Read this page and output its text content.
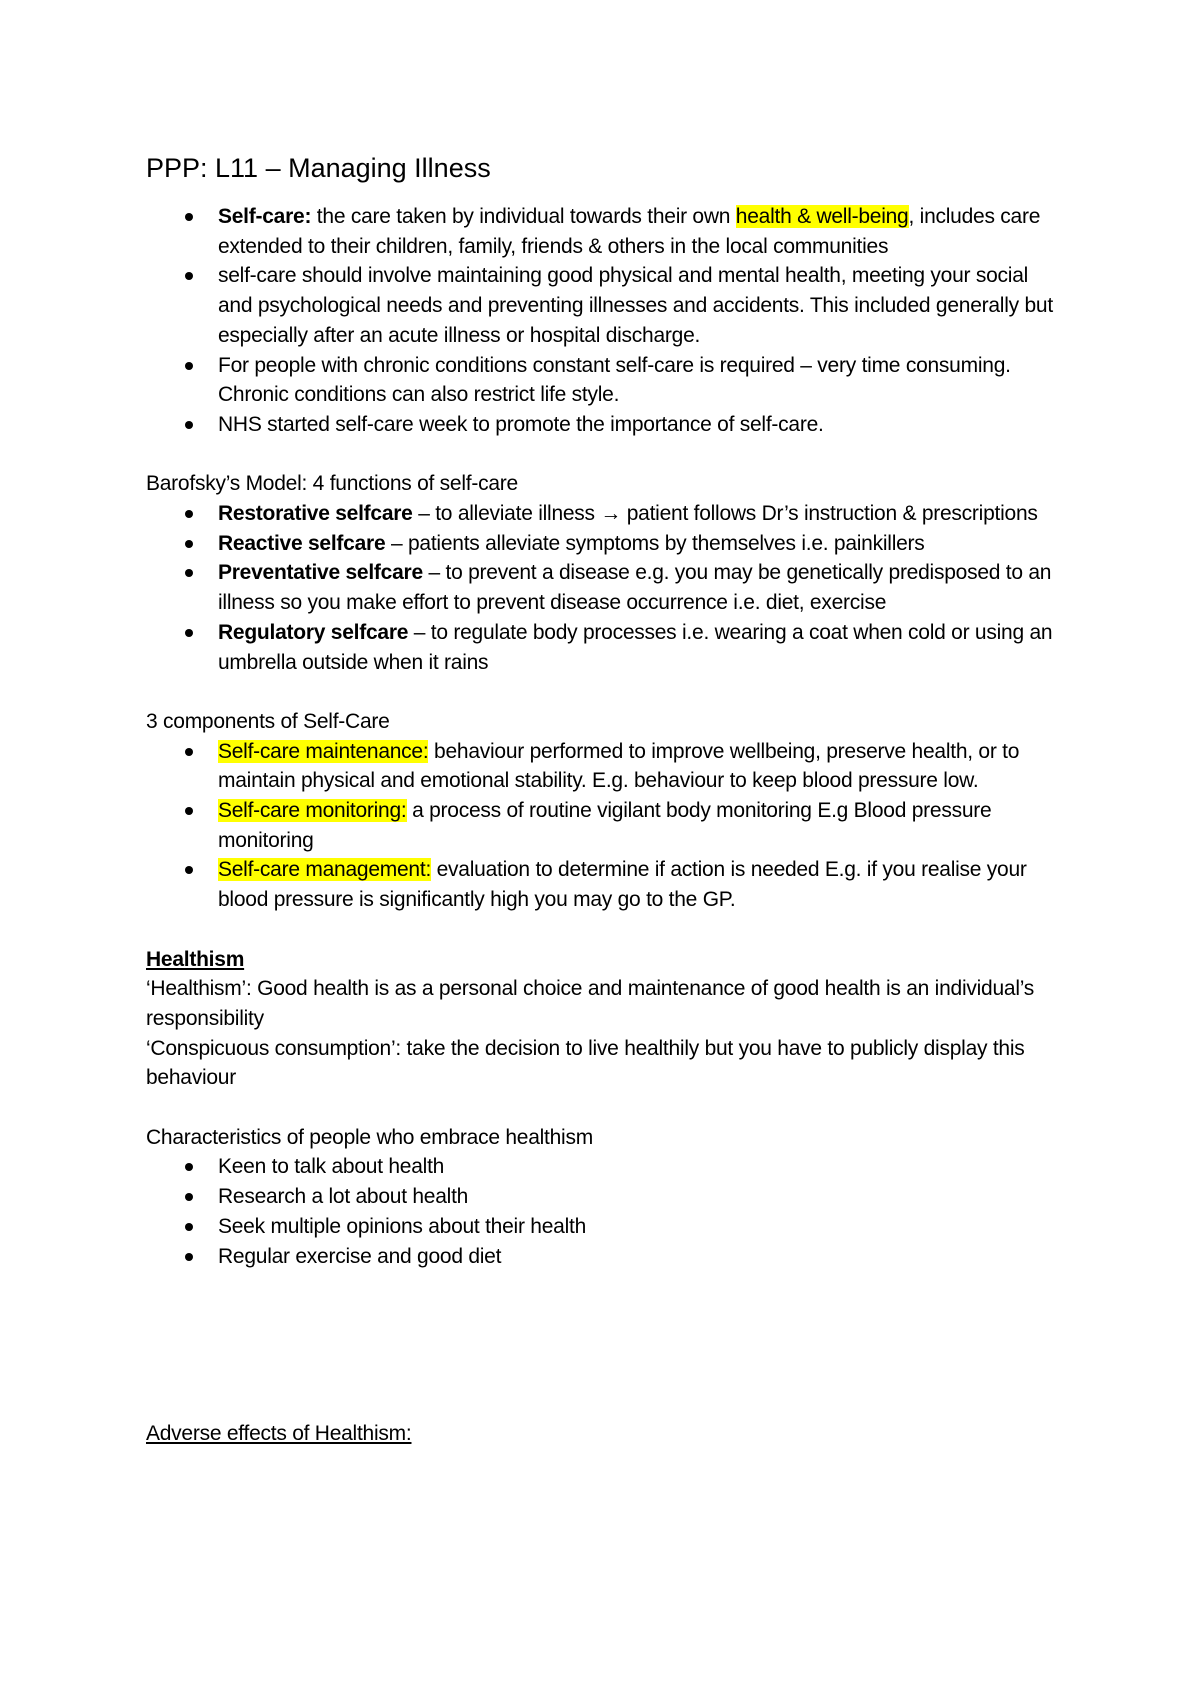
PPP: L11 – Managing Illness
Self-care: the care taken by individual towards their own health & well-being, includes care extended to their children, family, friends & others in the local communities
self-care should involve maintaining good physical and mental health, meeting your social and psychological needs and preventing illnesses and accidents. This included generally but especially after an acute illness or hospital discharge.
For people with chronic conditions constant self-care is required – very time consuming. Chronic conditions can also restrict life style.
NHS started self-care week to promote the importance of self-care.

Barofsky’s Model: 4 functions of self-care

Restorative selfcare – to alleviate illness → patient follows Dr’s instruction & prescriptions
Reactive selfcare – patients alleviate symptoms by themselves i.e. painkillers
Preventative selfcare – to prevent a disease e.g. you may be genetically predisposed to an illness so you make effort to prevent disease occurrence i.e. diet, exercise
Regulatory selfcare – to regulate body processes i.e. wearing a coat when cold or using an umbrella outside when it rains

3 components of Self-Care

Self-care maintenance: behaviour performed to improve wellbeing, preserve health, or to maintain physical and emotional stability. E.g. behaviour to keep blood pressure low.
Self-care monitoring: a process of routine vigilant body monitoring E.g Blood pressure monitoring
Self-care management: evaluation to determine if action is needed E.g. if you realise your blood pressure is significantly high you may go to the GP.

Healthism

‘Healthism’: Good health is as a personal choice and maintenance of good health is an individual’s responsibility

‘Conspicuous consumption’: take the decision to live healthily but you have to publicly display this behaviour

Characteristics of people who embrace healthism

Keen to talk about health
Research a lot about health
Seek multiple opinions about their health
Regular exercise and good diet

Adverse effects of Healthism:
